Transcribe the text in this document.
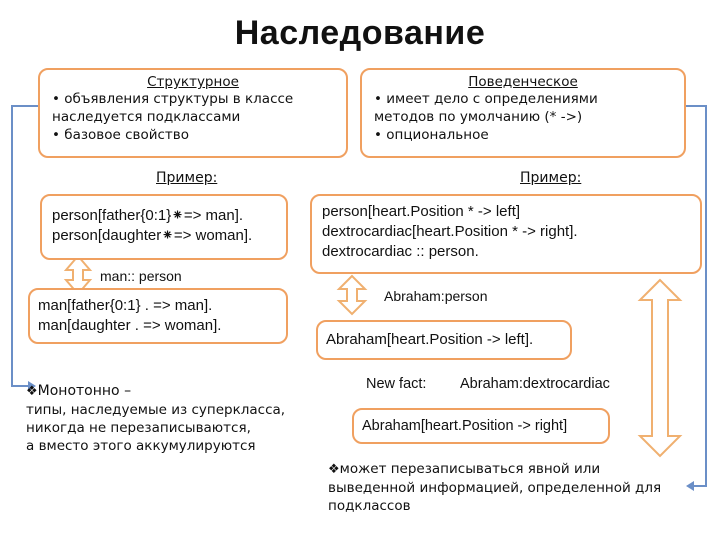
Наследование
Структурное
• объявления структуры в классе
наследуется подклассами
• базовое свойство
Поведенческое
• имеет дело с определениями
методов по умолчанию (* ->)
• опциональное
Пример:	Пример:
person[father{0:1}⁕=> man].
person[daughter⁕=> woman].
man:: person
man[father{0:1} . => man].
man[daughter . => woman].
person[heart.Position * -> left]
dextrocardiac[heart.Position * -> right].
dextrocardiac :: person.
Abraham:person
Abraham[heart.Position -> left].
New fact: Abraham:dextrocardiac
Abraham[heart.Position -> right]
❖Монотонно –
типы, наследуемые из суперкласса,
никогда не перезаписываются,
а вместо этого аккумулируются
❖может перезаписываться явной или
выведенной информацией, определенной для
подклассов
